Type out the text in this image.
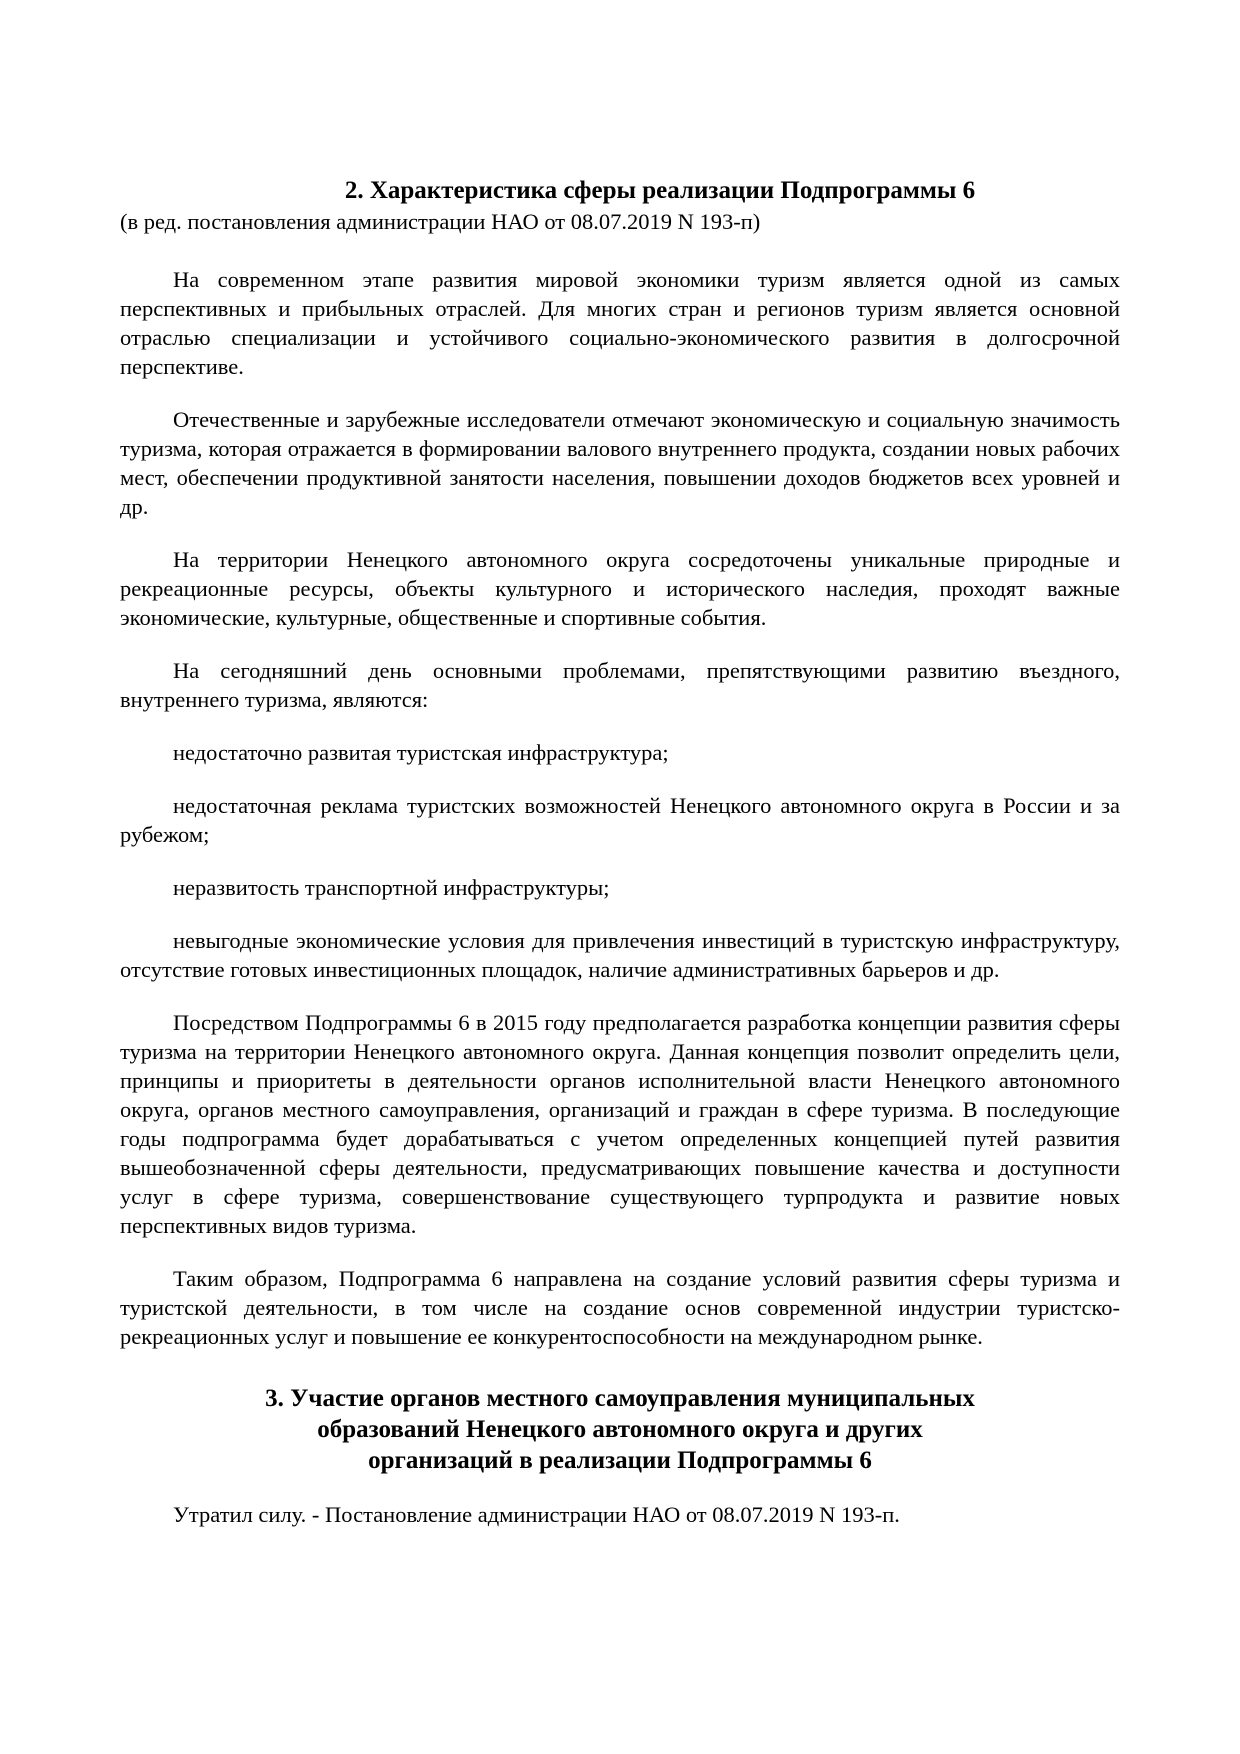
2. Характеристика сферы реализации Подпрограммы 6
(в ред. постановления администрации НАО от 08.07.2019 N 193-п)

На современном этапе развития мировой экономики туризм является одной из самых перспективных и прибыльных отраслей. Для многих стран и регионов туризм является основной отраслью специализации и устойчивого социально-экономического развития в долгосрочной перспективе.

Отечественные и зарубежные исследователи отмечают экономическую и социальную значимость туризма, которая отражается в формировании валового внутреннего продукта, создании новых рабочих мест, обеспечении продуктивной занятости населения, повышении доходов бюджетов всех уровней и др.

На территории Ненецкого автономного округа сосредоточены уникальные природные и рекреационные ресурсы, объекты культурного и исторического наследия, проходят важные экономические, культурные, общественные и спортивные события.

На сегодняшний день основными проблемами, препятствующими развитию въездного, внутреннего туризма, являются:

недостаточно развитая туристская инфраструктура;

недостаточная реклама туристских возможностей Ненецкого автономного округа в России и за рубежом;

неразвитость транспортной инфраструктуры;

невыгодные экономические условия для привлечения инвестиций в туристскую инфраструктуру, отсутствие готовых инвестиционных площадок, наличие административных барьеров и др.

Посредством Подпрограммы 6 в 2015 году предполагается разработка концепции развития сферы туризма на территории Ненецкого автономного округа. Данная концепция позволит определить цели, принципы и приоритеты в деятельности органов исполнительной власти Ненецкого автономного округа, органов местного самоуправления, организаций и граждан в сфере туризма. В последующие годы подпрограмма будет дорабатываться с учетом определенных концепцией путей развития вышеобозначенной сферы деятельности, предусматривающих повышение качества и доступности услуг в сфере туризма, совершенствование существующего турпродукта и развитие новых перспективных видов туризма.

Таким образом, Подпрограмма 6 направлена на создание условий развития сферы туризма и туристской деятельности, в том числе на создание основ современной индустрии туристско-рекреационных услуг и повышение ее конкурентоспособности на международном рынке.

3. Участие органов местного самоуправления муниципальных
образований Ненецкого автономного округа и других
организаций в реализации Подпрограммы 6

Утратил силу. - Постановление администрации НАО от 08.07.2019 N 193-п.
